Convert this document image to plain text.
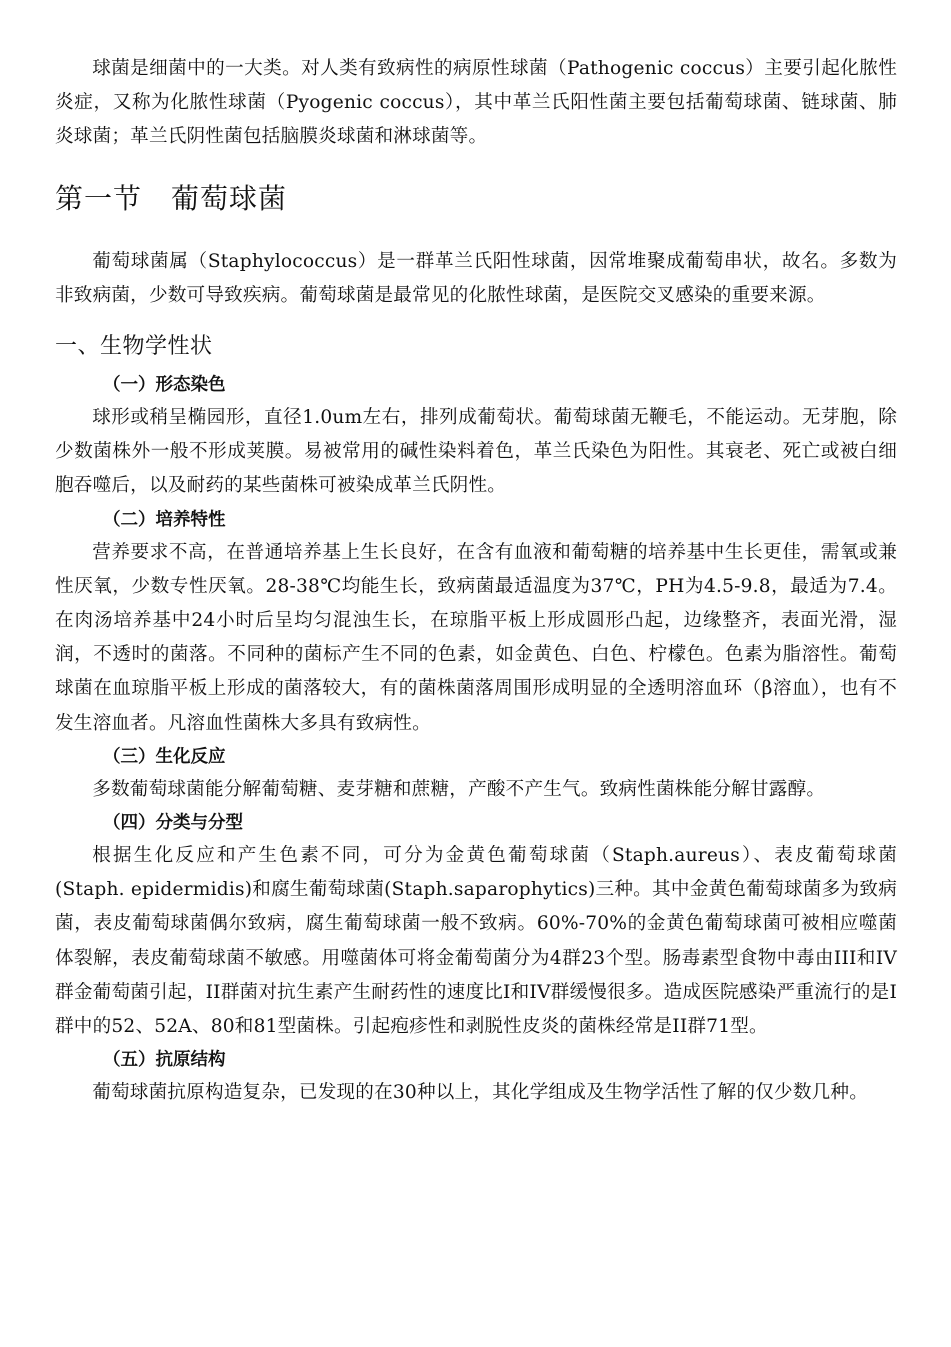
球菌是细菌中的一大类。对人类有致病性的病原性球菌（Pathogenic coccus）主要引起化脓性炎症，又称为化脓性球菌（Pyogenic coccus），其中革兰氏阳性菌主要包括葡萄球菌、链球菌、肺炎球菌；革兰氏阴性菌包括脑膜炎球菌和淋球菌等。

第一节　葡萄球菌

葡萄球菌属（Staphylococcus）是一群革兰氏阳性球菌，因常堆聚成葡萄串状，故名。多数为非致病菌，少数可导致疾病。葡萄球菌是最常见的化脓性球菌，是医院交叉感染的重要来源。

一、生物学性状
（一）形态染色

球形或稍呈椭园形，直径1.0um左右，排列成葡萄状。葡萄球菌无鞭毛，不能运动。无芽胞，除少数菌株外一般不形成荚膜。易被常用的碱性染料着色，革兰氏染色为阳性。其衰老、死亡或被白细胞吞噬后，以及耐药的某些菌株可被染成革兰氏阴性。

（二）培养特性

营养要求不高，在普通培养基上生长良好，在含有血液和葡萄糖的培养基中生长更佳，需氧或兼性厌氧，少数专性厌氧。28-38℃均能生长，致病菌最适温度为37℃，PH为4.5-9.8，最适为7.4。在肉汤培养基中24小时后呈均匀混浊生长，在琼脂平板上形成圆形凸起，边缘整齐，表面光滑，湿润，不透时的菌落。不同种的菌标产生不同的色素，如金黄色、白色、柠檬色。色素为脂溶性。葡萄球菌在血琼脂平板上形成的菌落较大，有的菌株菌落周围形成明显的全透明溶血环（β溶血），也有不发生溶血者。凡溶血性菌株大多具有致病性。

（三）生化反应

多数葡萄球菌能分解葡萄糖、麦芽糖和蔗糖，产酸不产生气。致病性菌株能分解甘露醇。

（四）分类与分型

根据生化反应和产生色素不同，可分为金黄色葡萄球菌（Staph.aureus）、表皮葡萄球菌(Staph. epidermidis)和腐生葡萄球菌(Staph.saparophytics)三种。其中金黄色葡萄球菌多为致病菌，表皮葡萄球菌偶尔致病，腐生葡萄球菌一般不致病。60%-70%的金黄色葡萄球菌可被相应噬菌体裂解，表皮葡萄球菌不敏感。用噬菌体可将金葡萄菌分为4群23个型。肠毒素型食物中毒由III和IV群金葡萄菌引起，II群菌对抗生素产生耐药性的速度比I和IV群缓慢很多。造成医院感染严重流行的是I群中的52、52A、80和81型菌株。引起疱疹性和剥脱性皮炎的菌株经常是II群71型。

（五）抗原结构

葡萄球菌抗原构造复杂，已发现的在30种以上，其化学组成及生物学活性了解的仅少数几种。
